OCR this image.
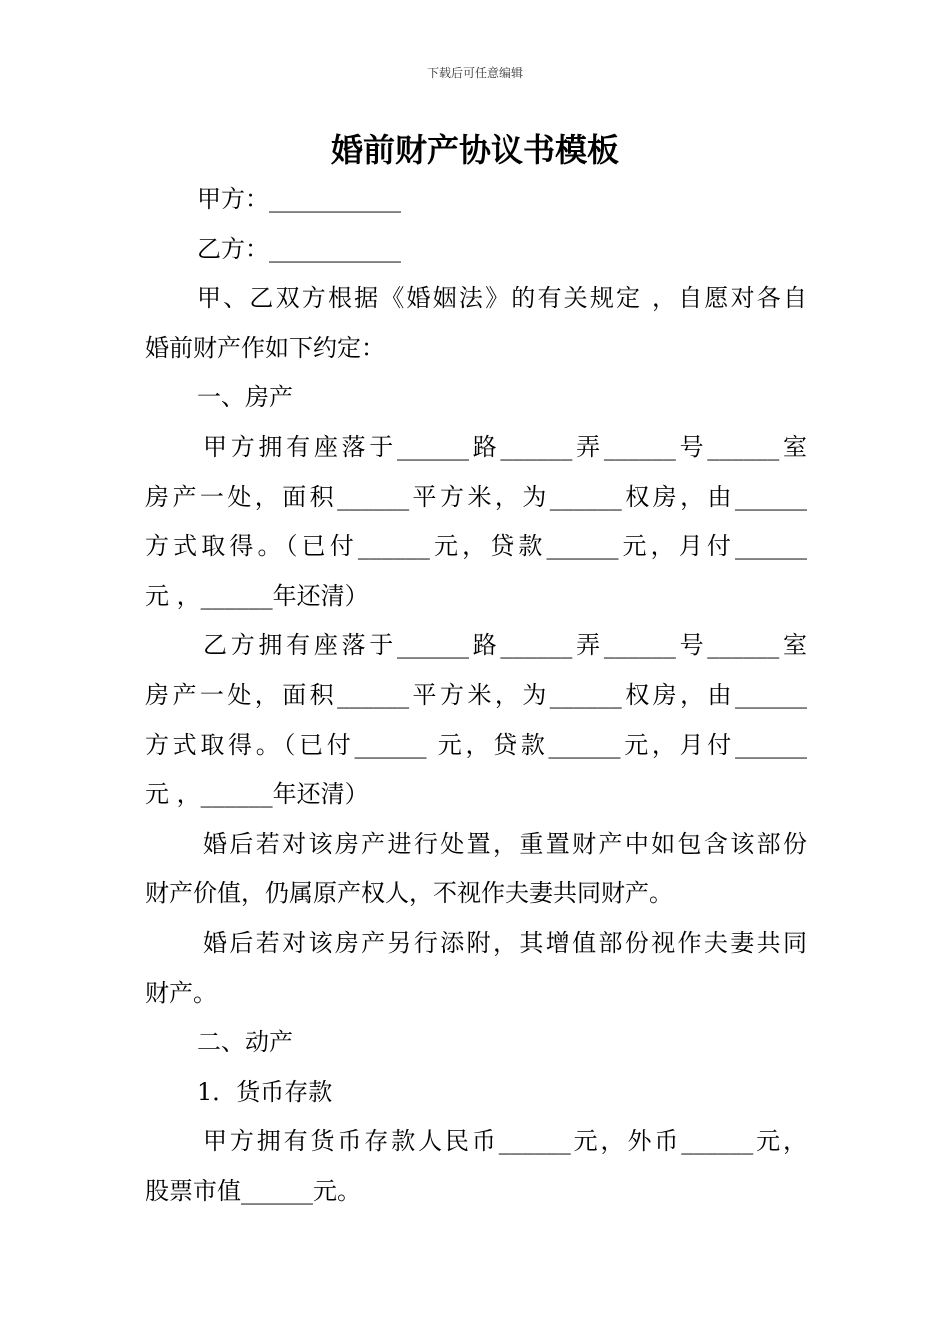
下载后可任意编辑
婚前财产协议书模板
甲方：___________
乙方：___________
甲、乙双方根据《婚姻法》的有关规定 ，自愿对各自
婚前财产作如下约定：
一、房产
甲方拥有座落于______路______弄______号______室
房产一处，面积______平方米，为______权房，由______
方式取得。（已付______元，贷款______元，月付______
元 ，______年还清）
乙方拥有座落于______路______弄______号______室
房产一处，面积______平方米，为______权房，由______
方式取得。（已付______ 元，贷款______元，月付______
元 ，______年还清）
婚后若对该房产进行处置，重置财产中如包含该部份
财产价值，仍属原产权人，不视作夫妻共同财产。
婚后若对该房产另行添附，其增值部份视作夫妻共同
财产。
二、动产
1．货币存款
甲方拥有货币存款人民币______元，外币______元，
股票市值______元。
